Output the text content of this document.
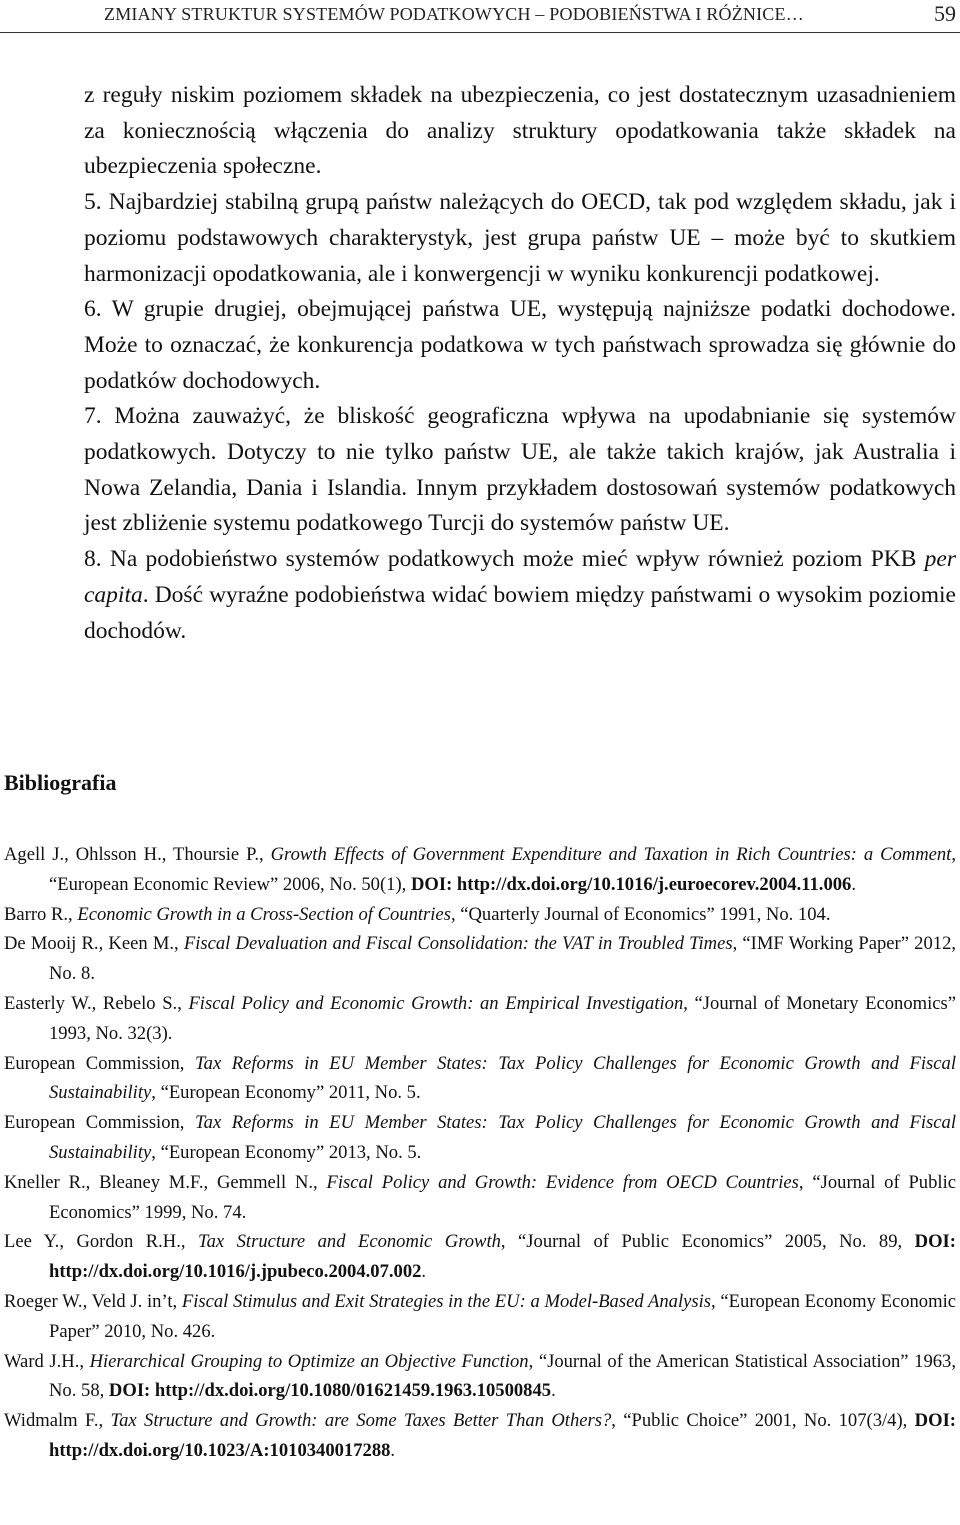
ZMIANY STRUKTUR SYSTEMÓW PODATKOWYCH – PODOBIEŃSTWA I RÓŻNICE…	59

z reguły niskim poziomem składek na ubezpieczenia, co jest dostatecznym uzasadnieniem za koniecznością włączenia do analizy struktury opodatkowania także składek na ubezpieczenia społeczne.

5. Najbardziej stabilną grupą państw należących do OECD, tak pod względem składu, jak i poziomu podstawowych charakterystyk, jest grupa państw UE – może być to skutkiem harmonizacji opodatkowania, ale i konwergencji w wyniku konkurencji podatkowej.

6. W grupie drugiej, obejmującej państwa UE, występują najniższe podatki dochodowe. Może to oznaczać, że konkurencja podatkowa w tych państwach sprowadza się głównie do podatków dochodowych.

7. Można zauważyć, że bliskość geograficzna wpływa na upodabnianie się systemów podatkowych. Dotyczy to nie tylko państw UE, ale także takich krajów, jak Australia i Nowa Zelandia, Dania i Islandia. Innym przykładem dostosowań systemów podatkowych jest zbliżenie systemu podatkowego Turcji do systemów państw UE.

8. Na podobieństwo systemów podatkowych może mieć wpływ również poziom PKB per capita. Dość wyraźne podobieństwa widać bowiem między państwami o wysokim poziomie dochodów.

Bibliografia

Agell J., Ohlsson H., Thoursie P., Growth Effects of Government Expenditure and Taxation in Rich Countries: a Comment, “European Economic Review” 2006, No. 50(1), DOI: http://dx.doi.org/10.1016/j.euroecorev.2004.11.006.

Barro R., Economic Growth in a Cross-Section of Countries, “Quarterly Journal of Economics” 1991, No. 104.

De Mooij R., Keen M., Fiscal Devaluation and Fiscal Consolidation: the VAT in Troubled Times, “IMF Working Paper” 2012, No. 8.

Easterly W., Rebelo S., Fiscal Policy and Economic Growth: an Empirical Investigation, “Journal of Monetary Economics” 1993, No. 32(3).

European Commission, Tax Reforms in EU Member States: Tax Policy Challenges for Economic Growth and Fiscal Sustainability, “European Economy” 2011, No. 5.

European Commission, Tax Reforms in EU Member States: Tax Policy Challenges for Economic Growth and Fiscal Sustainability, “European Economy” 2013, No. 5.

Kneller R., Bleaney M.F., Gemmell N., Fiscal Policy and Growth: Evidence from OECD Countries, “Journal of Public Economics” 1999, No. 74.

Lee Y., Gordon R.H., Tax Structure and Economic Growth, “Journal of Public Economics” 2005, No. 89, DOI: http://dx.doi.org/10.1016/j.jpubeco.2004.07.002.

Roeger W., Veld J. in’t, Fiscal Stimulus and Exit Strategies in the EU: a Model-Based Analysis, “European Economy Economic Paper” 2010, No. 426.

Ward J.H., Hierarchical Grouping to Optimize an Objective Function, “Journal of the American Statistical Association” 1963, No. 58, DOI: http://dx.doi.org/10.1080/01621459.1963.10500845.

Widmalm F., Tax Structure and Growth: are Some Taxes Better Than Others?, “Public Choice” 2001, No. 107(3/4), DOI: http://dx.doi.org/10.1023/A:1010340017288.
